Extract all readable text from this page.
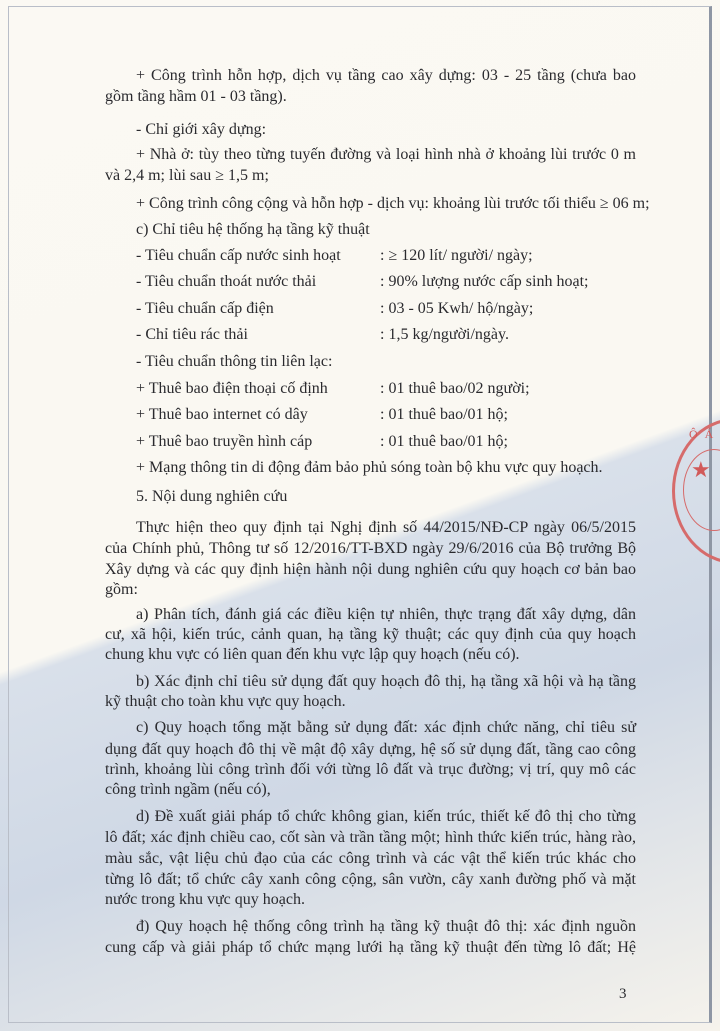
+ Công trình hỗn hợp, dịch vụ tầng cao xây dựng: 03 - 25 tầng (chưa bao
gồm tầng hầm 01 - 03 tầng).
- Chỉ giới xây dựng:
+ Nhà ở: tùy theo từng tuyến đường và loại hình nhà ở khoảng lùi trước 0 m
và 2,4 m; lùi sau ≥ 1,5 m;
+ Công trình công cộng và hỗn hợp - dịch vụ: khoảng lùi trước tối thiểu ≥ 06 m;
c) Chỉ tiêu hệ thống hạ tầng kỹ thuật
- Tiêu chuẩn cấp nước sinh hoạt : ≥ 120 lít/ người/ ngày;
- Tiêu chuẩn thoát nước thải	: 90% lượng nước cấp sinh hoạt;
- Tiêu chuẩn cấp điện	: 03 - 05 Kwh/ hộ/ngày;
- Chỉ tiêu rác thải	: 1,5 kg/người/ngày.
- Tiêu chuẩn thông tin liên lạc:
+ Thuê bao điện thoại cố định	: 01 thuê bao/02 người;
+ Thuê bao internet có dây	: 01 thuê bao/01 hộ;
+ Thuê bao truyền hình cáp	: 01 thuê bao/01 hộ;
+ Mạng thông tin di động đảm bảo phủ sóng toàn bộ khu vực quy hoạch.
5. Nội dung nghiên cứu
Thực hiện theo quy định tại Nghị định số 44/2015/NĐ-CP ngày 06/5/2015
của Chính phủ, Thông tư số 12/2016/TT-BXD ngày 29/6/2016 của Bộ trưởng Bộ
Xây dựng và các quy định hiện hành nội dung nghiên cứu quy hoạch cơ bản bao
gồm:
a) Phân tích, đánh giá các điều kiện tự nhiên, thực trạng đất xây dựng, dân
cư, xã hội, kiến trúc, cảnh quan, hạ tầng kỹ thuật; các quy định của quy hoạch
chung khu vực có liên quan đến khu vực lập quy hoạch (nếu có).
b) Xác định chỉ tiêu sử dụng đất quy hoạch đô thị, hạ tầng xã hội và hạ tầng
kỹ thuật cho toàn khu vực quy hoạch.
c) Quy hoạch tổng mặt bằng sử dụng đất: xác định chức năng, chỉ tiêu sử
dụng đất quy hoạch đô thị về mật độ xây dựng, hệ số sử dụng đất, tầng cao công
trình, khoảng lùi công trình đối với từng lô đất và trục đường; vị trí, quy mô các
công trình ngầm (nếu có),
d) Đề xuất giải pháp tổ chức không gian, kiến trúc, thiết kế đô thị cho từng
lô đất; xác định chiều cao, cốt sàn và trần tầng một; hình thức kiến trúc, hàng rào,
màu sắc, vật liệu chủ đạo của các công trình và các vật thể kiến trúc khác cho
từng lô đất; tổ chức cây xanh công cộng, sân vườn, cây xanh đường phố và mặt
nước trong khu vực quy hoạch.
đ) Quy hoạch hệ thống công trình hạ tầng kỹ thuật đô thị: xác định nguồn
cung cấp và giải pháp tổ chức mạng lưới hạ tầng kỹ thuật đến từng lô đất; Hệ
Ô Á
★
3
